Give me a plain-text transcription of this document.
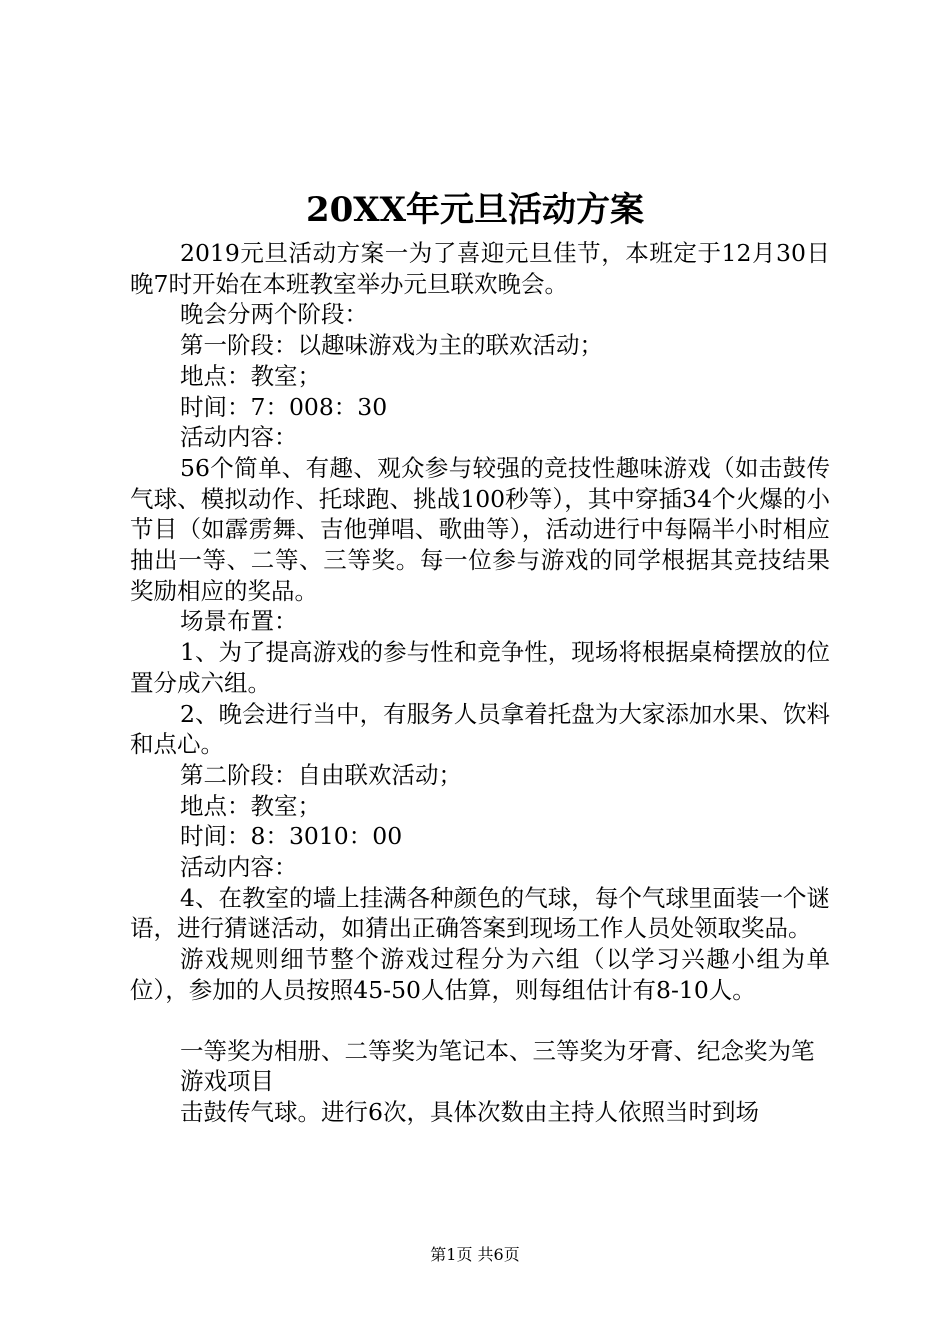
20XX年元旦活动方案

2019元旦活动方案一为了喜迎元旦佳节，本班定于12月30日晚7时开始在本班教室举办元旦联欢晚会。

晚会分两个阶段：

第一阶段：以趣味游戏为主的联欢活动；

地点：教室；

时间：7：008：30

活动内容：

56个简单、有趣、观众参与较强的竞技性趣味游戏（如击鼓传气球、模拟动作、托球跑、挑战100秒等），其中穿插34个火爆的小节目（如霹雳舞、吉他弹唱、歌曲等），活动进行中每隔半小时相应抽出一等、二等、三等奖。每一位参与游戏的同学根据其竞技结果奖励相应的奖品。

场景布置：

1、为了提高游戏的参与性和竞争性，现场将根据桌椅摆放的位置分成六组。

2、晚会进行当中，有服务人员拿着托盘为大家添加水果、饮料和点心。

第二阶段：自由联欢活动；

地点：教室；

时间：8：3010：00

活动内容：

4、在教室的墙上挂满各种颜色的气球，每个气球里面装一个谜语，进行猜谜活动，如猜出正确答案到现场工作人员处领取奖品。

游戏规则细节整个游戏过程分为六组（以学习兴趣小组为单位），参加的人员按照45-50人估算，则每组估计有8-10人。

一等奖为相册、二等奖为笔记本、三等奖为牙膏、纪念奖为笔

游戏项目

击鼓传气球。进行6次，具体次数由主持人依照当时到场

第1页 共6页
